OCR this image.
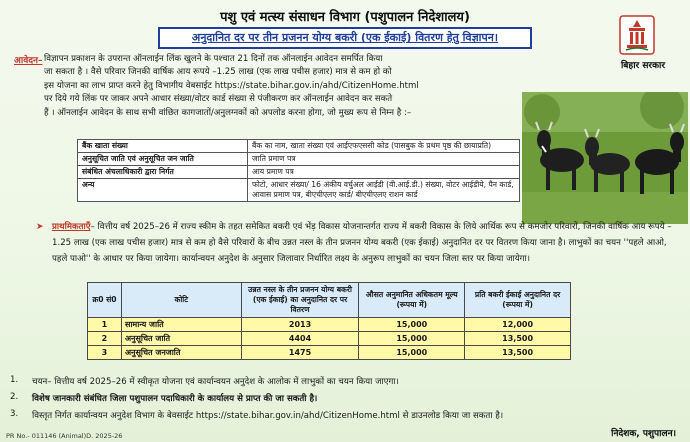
पशु एवं मत्स्य संसाधन विभाग (पशुपालन निदेशालय)
अनुदानित दर पर तीन प्रजनन योग्य बकरी (एक ईकाई) वितरण हेतु विज्ञापन।
बिहार सरकार
आवेदन– विज्ञापन प्रकाशन के उपरान्त ऑनलाईन लिंक खुलने के पश्चात 21 दिनों तक ऑनलाईन आवेदन समर्पित किया
जा सकता है । वैसे परिवार जिनकी वार्षिक आय रूपये –1.25 लाख (एक लाख पचीस हजार) मात्र से कम हो को
इस योजना का लाभ प्राप्त करने हेतु विभागीय वेबसाईट https://state.bihar.gov.in/ahd/CitizenHome.html
पर दिये गये लिंक पर जाकर अपने आधार संख्या/वोटर कार्ड संख्या से पंजीकरण कर ऑनलाईन आवेदन कर सकते
हैं । ऑनलाईन आवेदन के साथ सभी वांछित कागजातों/अनुलग्नकों को अपलोड करना होगा, जो मुख्य रूप से निम्न है :–
बैंक खाता संख्या	बैंक का नाम, खाता संख्या एवं आईएफएससी कोड (पासबुक के प्रथम पृष्ठ की छायाप्रति)
अनुसूचित जाति एवं अनुसूचित जन जाति	जाति प्रमाण पत्र
संबंधित अंचलाधिकारी द्वारा निर्गत	आय प्रमाण पत्र
अन्य	फोटो, आधार संख्या/ 16 अंकीय वर्चुअल आईडी (वी.आई.डी.) संख्या, वोटर आईडीये, पैन कार्ड, आवास प्रमाण पत्र, बीएचीएलए कार्ड/ बीएचीएलए राशन कार्ड
➤ प्राथमिकताएँ– वित्तीय वर्ष 2025–26 में राज्य स्कीम के तहत समेकित बकरी एवं भेंड़ विकास योजनान्तर्गत राज्य में बकरी विकास के लिये आर्थिक रूप से कमजोर परिवारों, जिनकी वार्षिक आय रूपये –1.25 लाख (एक लाख पचीस हजार) मात्र से कम हो वैसे परिवारों के बीच उन्नत नस्ल के तीन प्रजनन योग्य बकरी (एक ईकाई) अनुदानित दर पर वितरण किया जाना है। लाभुकों का चयन ''पहले आओ, पहले पाओ'' के आधार पर किया जायेगा। कार्यान्वयन अनुदेश के अनुसार जिलावार निर्धारित लक्ष्य के अनुरूप लाभुकों का चयन जिला स्तर पर किया जायेगा।
क्र0 सं0	कोटि	उन्नत नस्ल के तीन प्रजनन योग्य बकरी (एक ईकाई) का अनुदानित दर पर वितरण	औसत अनुमानित अधिकतम मूल्य (रूपया में)	प्रति बकरी ईकाई अनुदानित दर (रूपया में)
1	सामान्य जाति	2013	15,000	12,000
2	अनुसूचित जाति	4404	15,000	13,500
3	अनुसूचित जनजाति	1475	15,000	13,500
1.	चयन– वित्तीय वर्ष 2025–26 में स्वीकृत योजना एवं कार्यान्वयन अनुदेश के आलोक में लाभुकों का चयन किया जाएगा।
2.	विशेष जानकारी संबंधित जिला पशुपालन पदाधिकारी के कार्यालय से प्राप्त की जा सकती है।
3.	विस्तृत निर्गत कार्यान्वयन अनुदेश विभाग के बेवसाईट https://state.bihar.gov.in/ahd/CitizenHome.html से डाउनलोड किया जा सकता है।
PR No.- 011146 (Animal)D. 2025-26	निदेशक, पशुपालन।
